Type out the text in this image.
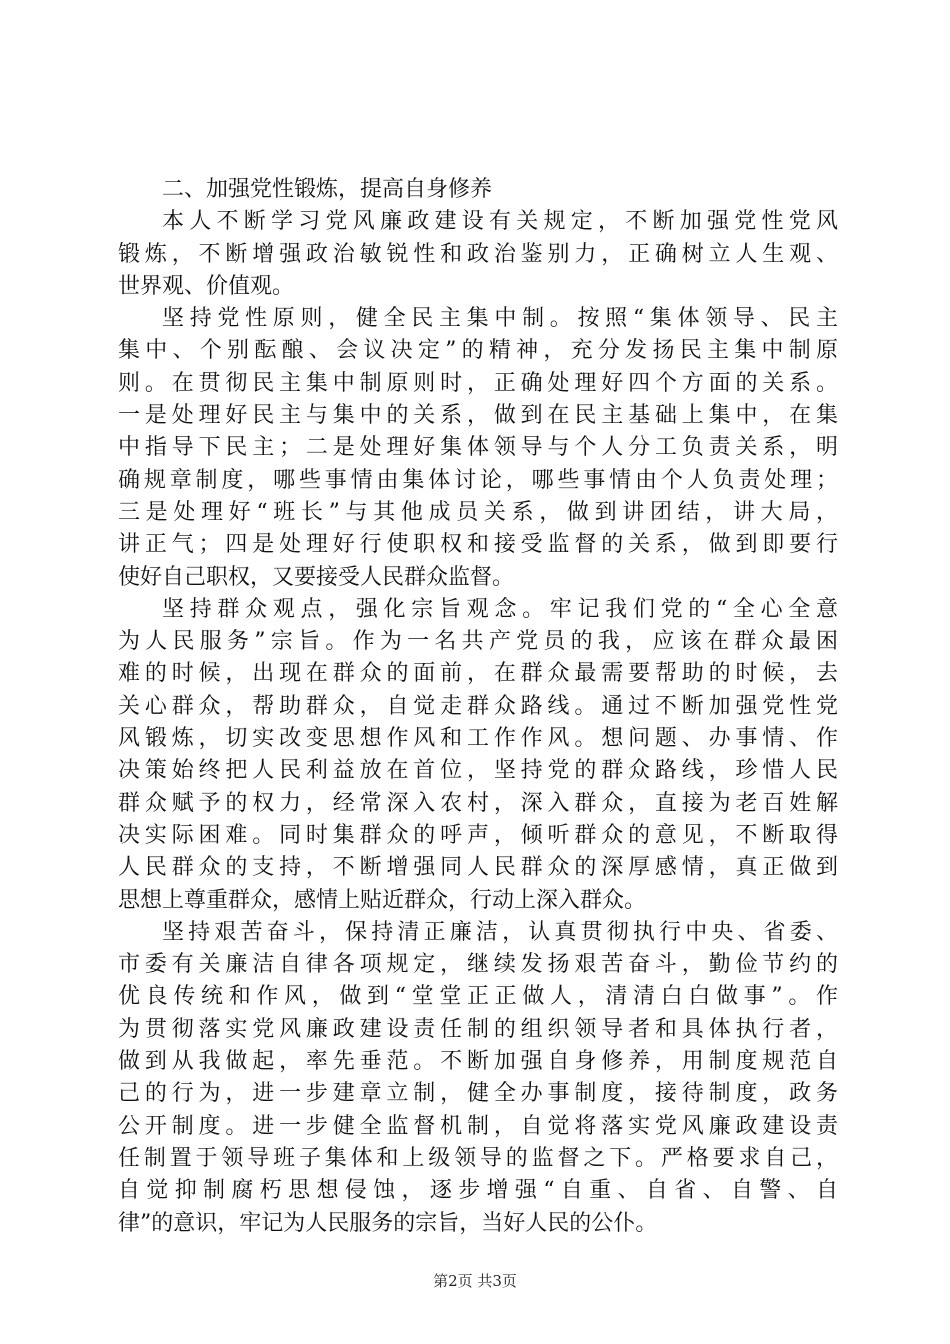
二、加强党性锻炼，提高自身修养
本人不断学习党风廉政建设有关规定，不断加强党性党风
锻炼，不断增强政治敏锐性和政治鉴别力，正确树立人生观、
世界观、价值观。
坚持党性原则，健全民主集中制。按照“集体领导、民主
集中、个别酝酿、会议决定”的精神，充分发扬民主集中制原
则。在贯彻民主集中制原则时，正确处理好四个方面的关系。
一是处理好民主与集中的关系，做到在民主基础上集中，在集
中指导下民主；二是处理好集体领导与个人分工负责关系，明
确规章制度，哪些事情由集体讨论，哪些事情由个人负责处理；
三是处理好“班长”与其他成员关系，做到讲团结，讲大局，
讲正气；四是处理好行使职权和接受监督的关系，做到即要行
使好自己职权，又要接受人民群众监督。
坚持群众观点，强化宗旨观念。牢记我们党的“全心全意
为人民服务”宗旨。作为一名共产党员的我，应该在群众最困
难的时候，出现在群众的面前，在群众最需要帮助的时候，去
关心群众，帮助群众，自觉走群众路线。通过不断加强党性党
风锻炼，切实改变思想作风和工作作风。想问题、办事情、作
决策始终把人民利益放在首位，坚持党的群众路线，珍惜人民
群众赋予的权力，经常深入农村，深入群众，直接为老百姓解
决实际困难。同时集群众的呼声，倾听群众的意见，不断取得
人民群众的支持，不断增强同人民群众的深厚感情，真正做到
思想上尊重群众，感情上贴近群众，行动上深入群众。
坚持艰苦奋斗，保持清正廉洁，认真贯彻执行中央、省委、
市委有关廉洁自律各项规定，继续发扬艰苦奋斗，勤俭节约的
优良传统和作风，做到“堂堂正正做人，清清白白做事”。作
为贯彻落实党风廉政建设责任制的组织领导者和具体执行者，
做到从我做起，率先垂范。不断加强自身修养，用制度规范自
己的行为，进一步建章立制，健全办事制度，接待制度，政务
公开制度。进一步健全监督机制，自觉将落实党风廉政建设责
任制置于领导班子集体和上级领导的监督之下。严格要求自己，
自觉抑制腐朽思想侵蚀，逐步增强“自重、自省、自警、自
律”的意识，牢记为人民服务的宗旨，当好人民的公仆。
第2页 共3页
